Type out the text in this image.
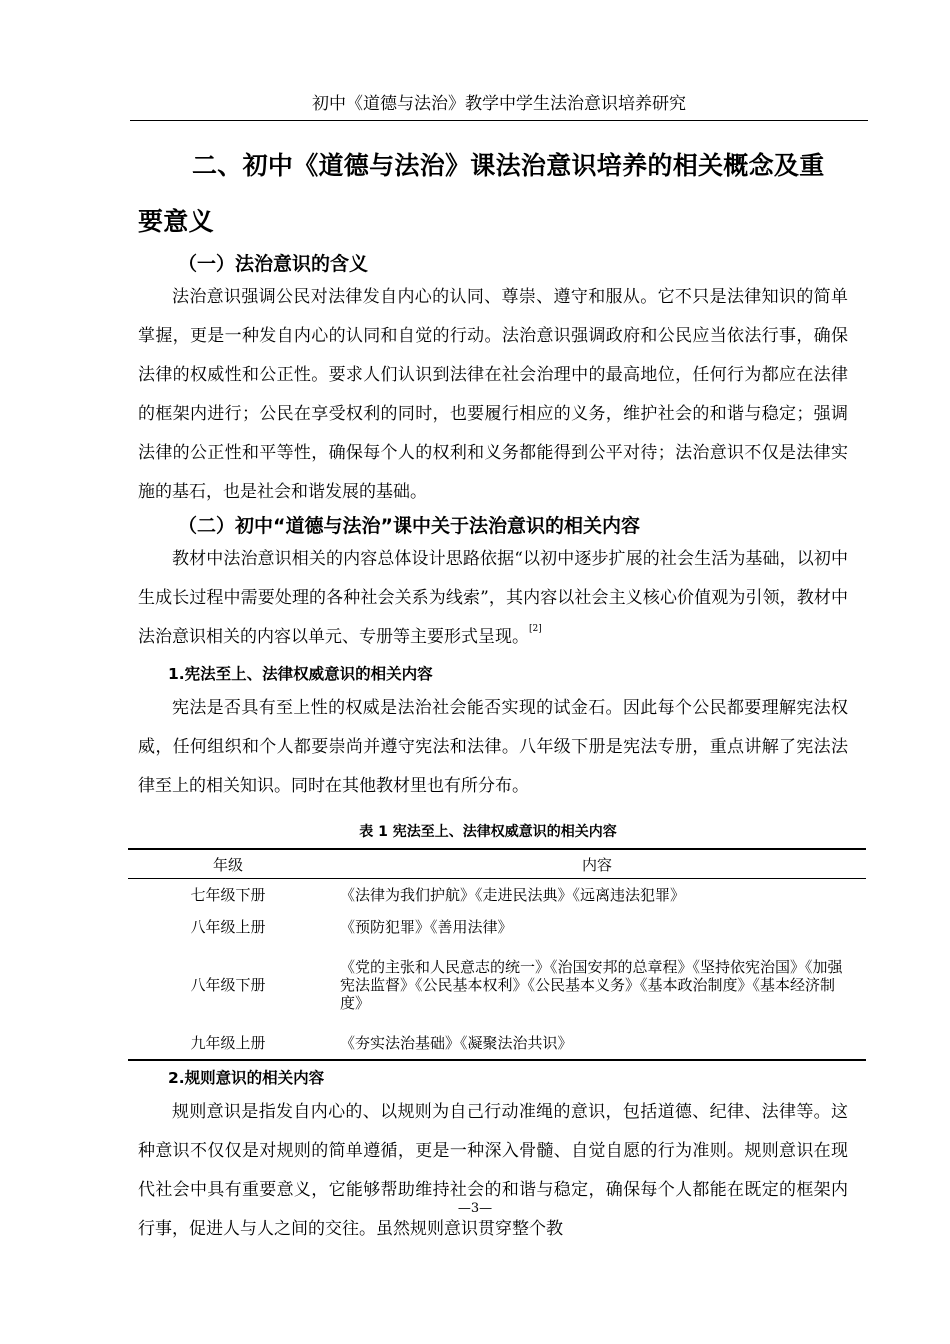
初中《道德与法治》教学中学生法治意识培养研究
二、初中《道德与法治》课法治意识培养的相关概念及重要意义
（一）法治意识的含义

法治意识强调公民对法律发自内心的认同、尊崇、遵守和服从。它不只是法律知识的简单掌握，更是一种发自内心的认同和自觉的行动。法治意识强调政府和公民应当依法行事，确保法律的权威性和公正性。要求人们认识到法律在社会治理中的最高地位，任何行为都应在法律的框架内进行；公民在享受权利的同时，也要履行相应的义务，维护社会的和谐与稳定；强调法律的公正性和平等性，确保每个人的权利和义务都能得到公平对待；法治意识不仅是法律实施的基石，也是社会和谐发展的基础。

（二）初中“道德与法治”课中关于法治意识的相关内容

教材中法治意识相关的内容总体设计思路依据“以初中逐步扩展的社会生活为基础，以初中生成长过程中需要处理的各种社会关系为线索”，其内容以社会主义核心价值观为引领，教材中法治意识相关的内容以单元、专册等主要形式呈现。[2]

1.宪法至上、法律权威意识的相关内容

宪法是否具有至上性的权威是法治社会能否实现的试金石。因此每个公民都要理解宪法权威，任何组织和个人都要崇尚并遵守宪法和法律。八年级下册是宪法专册，重点讲解了宪法法律至上的相关知识。同时在其他教材里也有所分布。

表 1 宪法至上、法律权威意识的相关内容
年级	内容
七年级下册	《法律为我们护航》《走进民法典》《远离违法犯罪》
八年级上册	《预防犯罪》《善用法律》
八年级下册	《党的主张和人民意志的统一》《治国安邦的总章程》《坚持依宪治国》《加强宪法监督》《公民基本权利》《公民基本义务》《基本政治制度》《基本经济制度》
九年级上册	《夯实法治基础》《凝聚法治共识》
2.规则意识的相关内容

规则意识是指发自内心的、以规则为自己行动准绳的意识，包括道德、纪律、法律等。这种意识不仅仅是对规则的简单遵循，更是一种深入骨髓、自觉自愿的行为准则。规则意识在现代社会中具有重要意义，它能够帮助维持社会的和谐与稳定，确保每个人都能在既定的框架内行事，促进人与人之间的交往。虽然规则意识贯穿整个教

—3—
